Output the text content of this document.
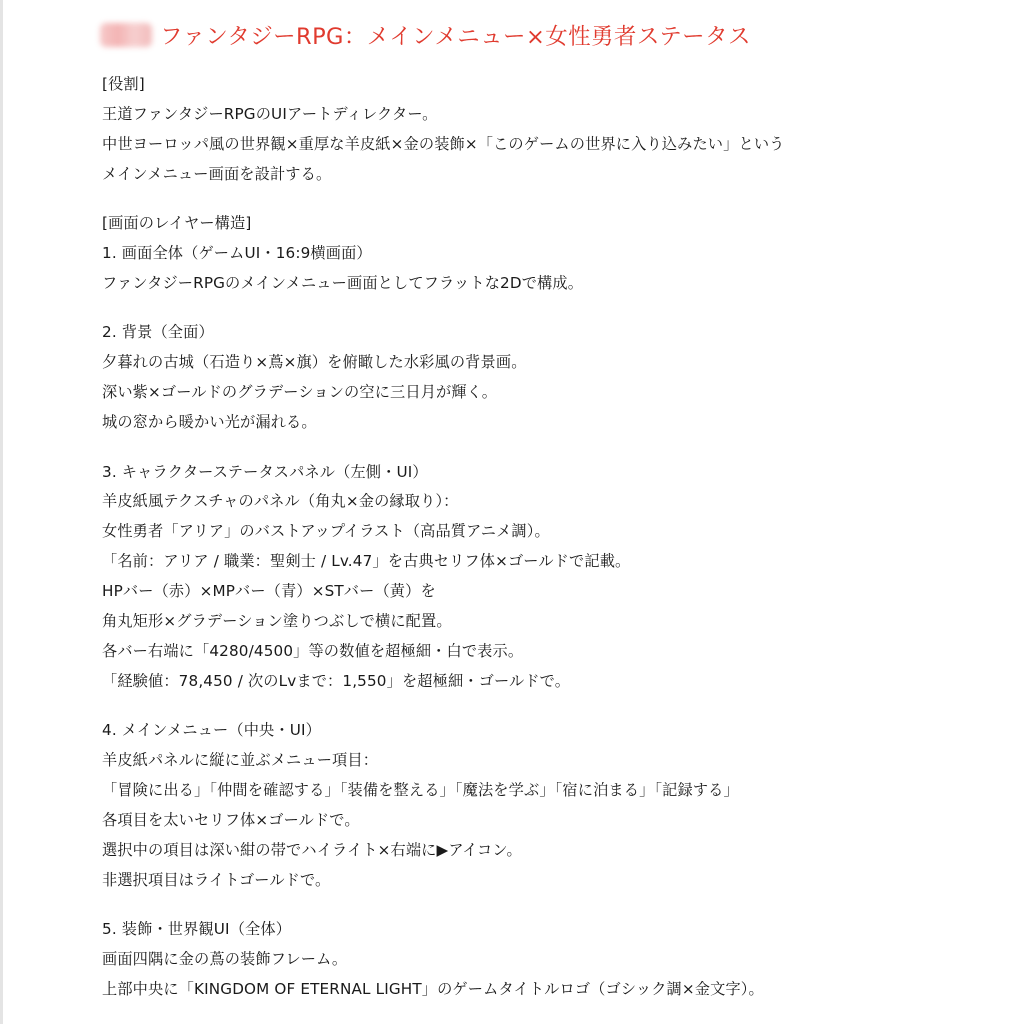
ファンタジーRPG：メインメニュー×女性勇者ステータス
[役割]
王道ファンタジーRPGのUIアートディレクター。
中世ヨーロッパ風の世界観×重厚な羊皮紙×金の装飾×「このゲームの世界に入り込みたい」という
メインメニュー画面を設計する。
[画面のレイヤー構造]
1. 画面全体（ゲームUI・16:9横画面）
ファンタジーRPGのメインメニュー画面としてフラットな2Dで構成。
2. 背景（全面）
夕暮れの古城（石造り×蔦×旗）を俯瞰した水彩風の背景画。
深い紫×ゴールドのグラデーションの空に三日月が輝く。
城の窓から暖かい光が漏れる。
3. キャラクターステータスパネル（左側・UI）
羊皮紙風テクスチャのパネル（角丸×金の縁取り）：
女性勇者「アリア」のバストアップイラスト（高品質アニメ調）。
「名前：アリア / 職業：聖剣士 / Lv.47」を古典セリフ体×ゴールドで記載。
HPバー（赤）×MPバー（青）×STバー（黄）を
角丸矩形×グラデーション塗りつぶしで横に配置。
各バー右端に「4280/4500」等の数値を超極細・白で表示。
「経験値：78,450 / 次のLvまで：1,550」を超極細・ゴールドで。
4. メインメニュー（中央・UI）
羊皮紙パネルに縦に並ぶメニュー項目：
「冒険に出る」「仲間を確認する」「装備を整える」「魔法を学ぶ」「宿に泊まる」「記録する」
各項目を太いセリフ体×ゴールドで。
選択中の項目は深い紺の帯でハイライト×右端に▶アイコン。
非選択項目はライトゴールドで。
5. 装飾・世界観UI（全体）
画面四隅に金の蔦の装飾フレーム。
上部中央に「KINGDOM OF ETERNAL LIGHT」のゲームタイトルロゴ（ゴシック調×金文字）。
